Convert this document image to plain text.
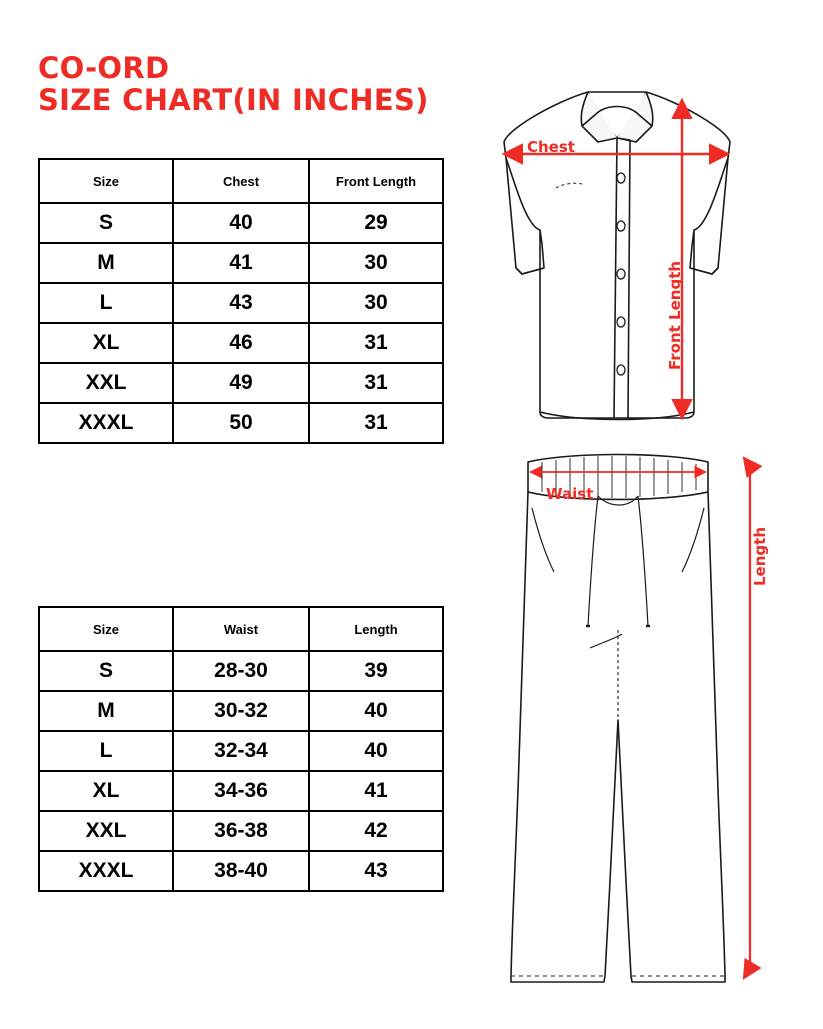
CO-ORD
SIZE CHART(IN INCHES)
Size	Chest	Front Length
S	40	29
M	41	30
L	43	30
XL	46	31
XXL	49	31
XXXL	50	31
Size	Waist	Length
S	28-30	39
M	30-32	40
L	32-34	40
XL	34-36	41
XXL	36-38	42
XXXL	38-40	43
Chest
Front Length
Waist
Length
